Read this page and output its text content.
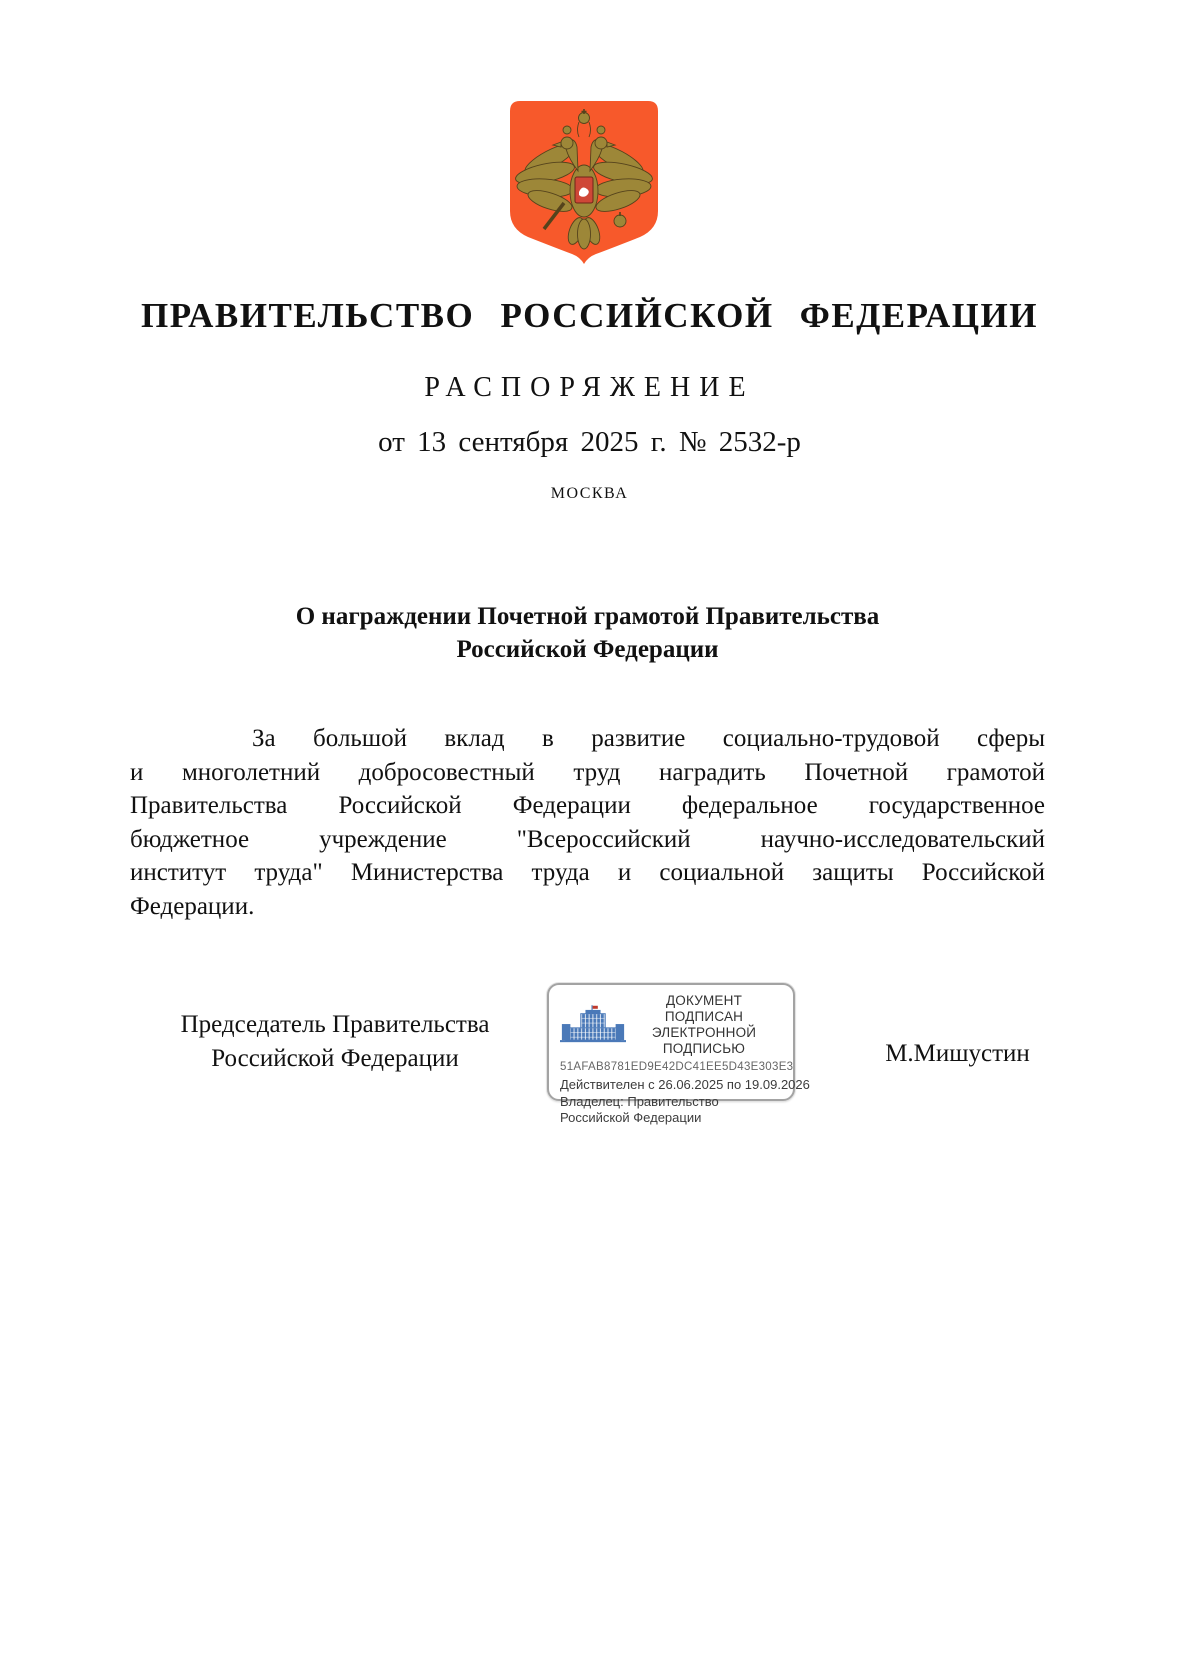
ПРАВИТЕЛЬСТВО РОССИЙСКОЙ ФЕДЕРАЦИИ
РАСПОРЯЖЕНИЕ
от 13 сентября 2025 г. № 2532-р
МОСКВА
О награждении Почетной грамотой Правительства
Российской Федерации
За большой вклад в развитие социально-трудовой сферы
и многолетний добросовестный труд наградить Почетной грамотой
Правительства Российской Федерации федеральное государственное
бюджетное учреждение "Всероссийский научно-исследовательский
институт труда" Министерства труда и социальной защиты Российской
Федерации.
Председатель Правительства
Российской Федерации
ДОКУМЕНТ ПОДПИСАН
ЭЛЕКТРОННОЙ ПОДПИСЬЮ
51AFAB8781ED9E42DC41EE5D43E303E3
Действителен с 26.06.2025 по 19.09.2026
Владелец: Правительство Российской Федерации
М.Мишустин
